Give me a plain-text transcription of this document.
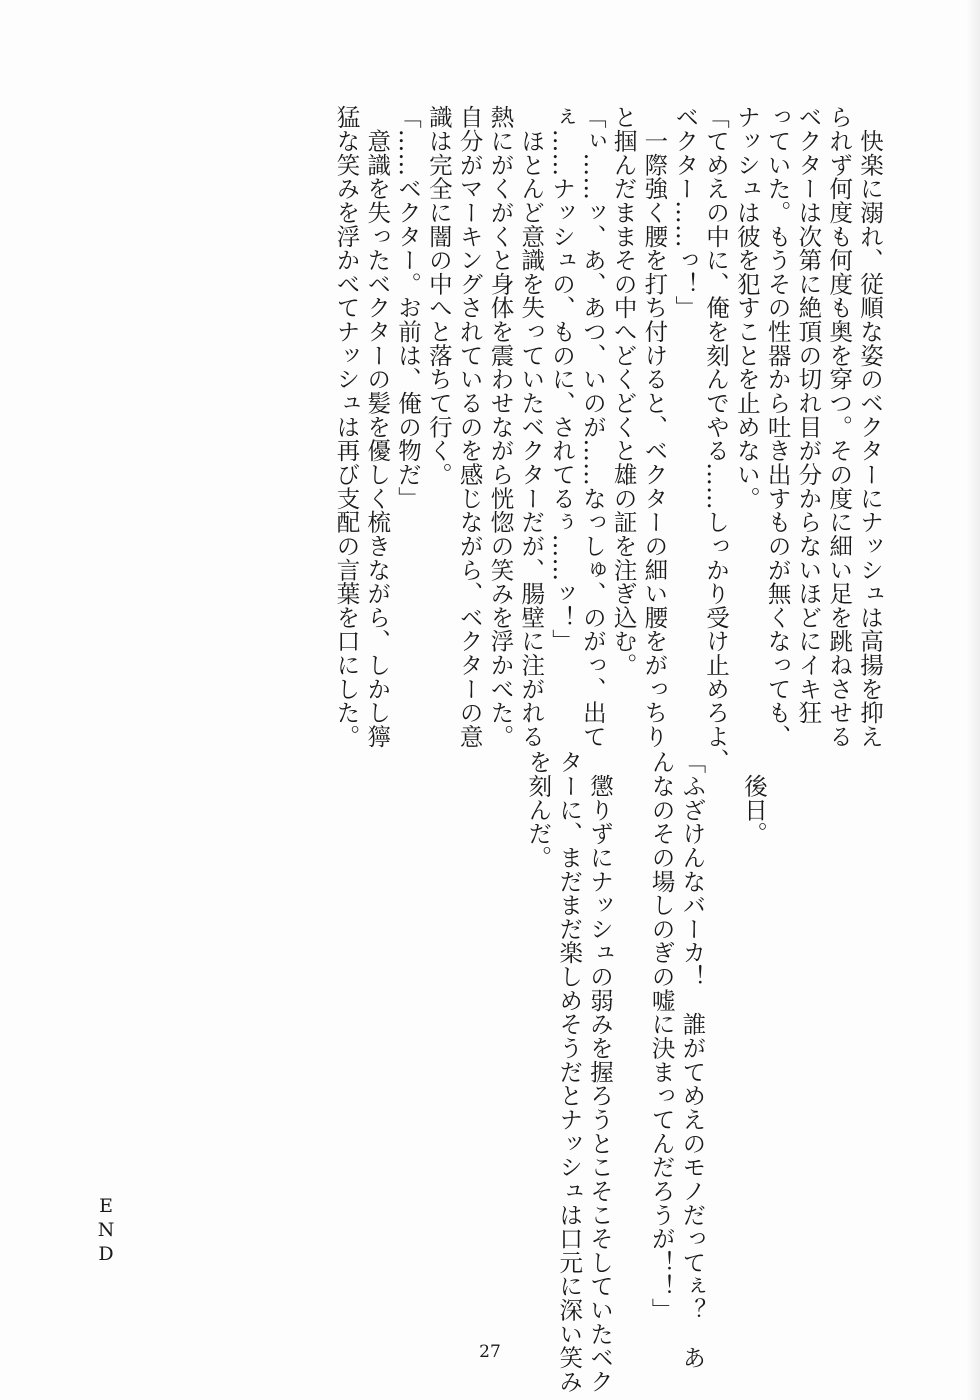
　快楽に溺れ、従順な姿のベクターにナッシュは高揚を抑え
られず何度も何度も奥を穿つ。その度に細い足を跳ねさせる
ベクターは次第に絶頂の切れ目が分からないほどにイキ狂
っていた。もうその性器から吐き出すものが無くなっても、
ナッシュは彼を犯すことを止めない。
「てめえの中に、俺を刻んでやる……しっかり受け止めろよ、
ベクター……っ！」
　一際強く腰を打ち付けると、ベクターの細い腰をがっちり
と掴んだままその中へどくどくと雄の証を注ぎ込む。
「ぃ……ッ、あ、あつ、いのが……なっしゅ、のがっ、出て
ぇ……ナッシュの、ものに、されてるぅ……ッ！」
　ほとんど意識を失っていたベクターだが、腸壁に注がれる
熱にがくがくと身体を震わせながら恍惚の笑みを浮かべた。
自分がマーキングされているのを感じながら、ベクターの意
識は完全に闇の中へと落ちて行く。
「……ベクター。お前は、俺の物だ」
　意識を失ったベクターの髪を優しく梳きながら、しかし獰
猛な笑みを浮かべてナッシュは再び支配の言葉を口にした。
　後日。

「ふざけんなバーカ！　誰がてめえのモノだってぇ？　あ
んなのその場しのぎの嘘に決まってんだろうが！！」

　懲りずにナッシュの弱みを握ろうとこそこそしていたベク
ターに、まだまだ楽しめそうだとナッシュは口元に深い笑み
を刻んだ。
END
27
